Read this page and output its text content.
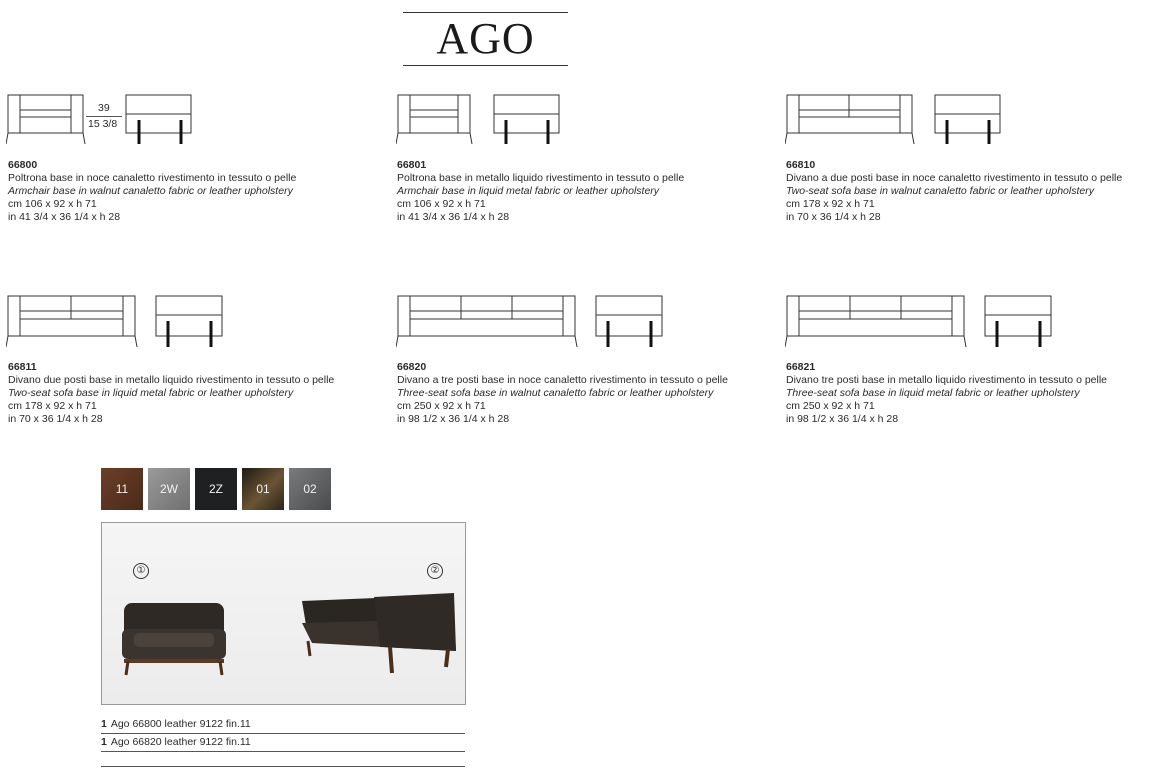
AGO
39
15 3/8
66800
Poltrona base in noce canaletto rivestimento in tessuto o pelle
Armchair base in walnut canaletto fabric or leather upholstery
cm 106 x 92 x h 71
in 41 3/4 x 36 1/4 x h 28
66801
Poltrona base in metallo liquido rivestimento in tessuto o pelle
Armchair base in liquid metal fabric or leather upholstery
cm 106 x 92 x h 71
in 41 3/4 x 36 1/4 x h 28
66810
Divano a due posti base in noce canaletto rivestimento in tessuto o pelle
Two-seat sofa base in walnut canaletto fabric or leather upholstery
cm 178 x 92 x h 71
in 70 x 36 1/4 x h 28
66811
Divano due posti base in metallo liquido rivestimento in tessuto o pelle
Two-seat sofa base in liquid metal fabric or leather upholstery
cm 178 x 92 x h 71
in 70 x 36 1/4 x h 28
66820
Divano a tre posti base in noce canaletto rivestimento in tessuto o pelle
Three-seat sofa base in walnut canaletto fabric or leather upholstery
cm 250 x 92 x h 71
in 98 1/2 x 36 1/4 x h 28
66821
Divano tre posti base in metallo liquido rivestimento in tessuto o pelle
Three-seat sofa base in liquid metal fabric or leather upholstery
cm 250 x 92 x h 71
in 98 1/2 x 36 1/4 x h 28
11	2W	2Z	01	02
①	②
1 Ago 66800 leather 9122 fin.11
1 Ago 66820 leather 9122 fin.11
